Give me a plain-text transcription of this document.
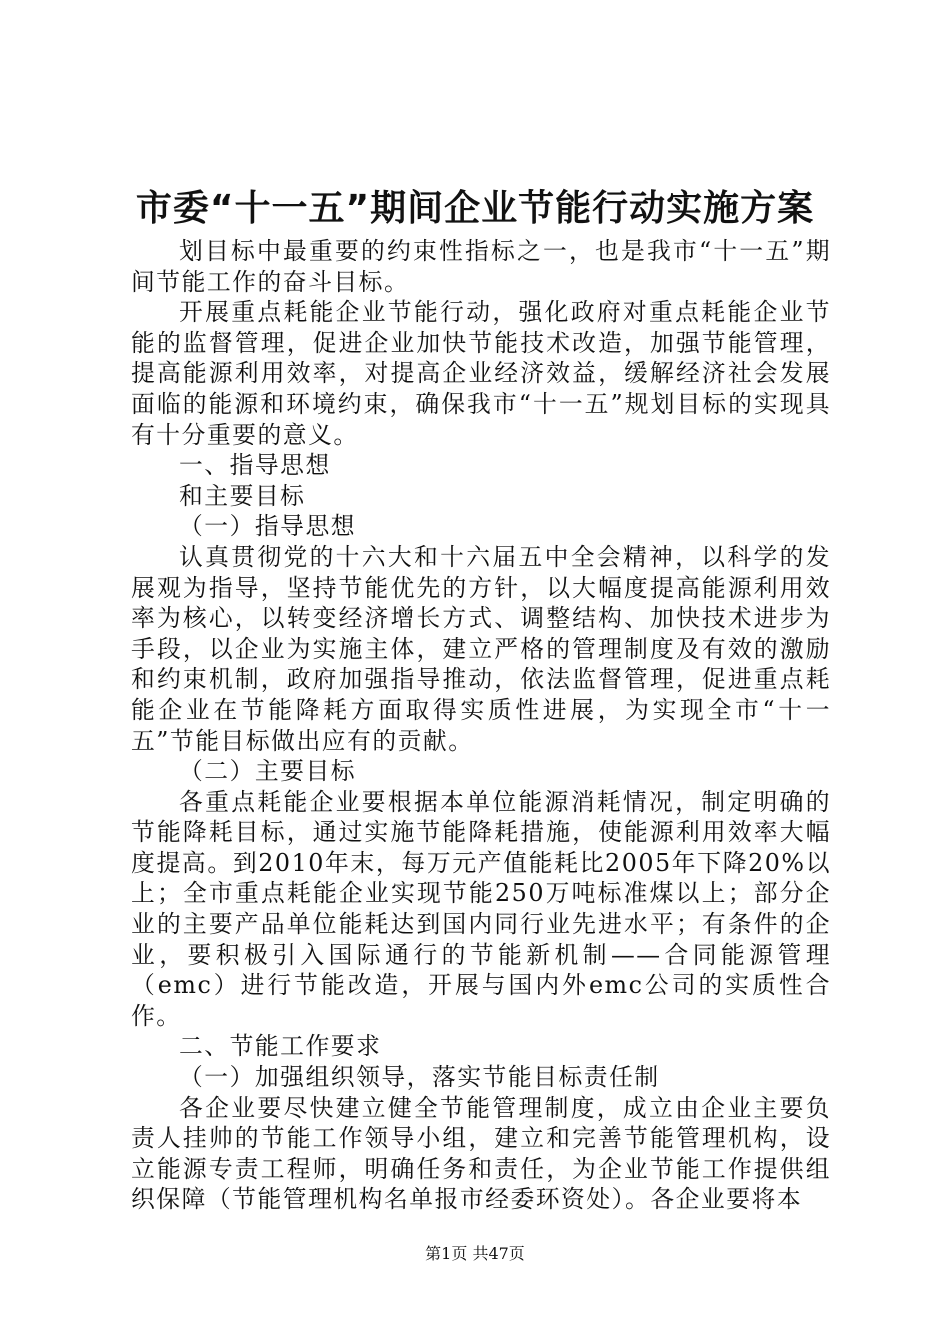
市委“十一五”期间企业节能行动实施方案

划目标中最重要的约束性指标之一，也是我市“十一五”期间节能工作的奋斗目标。

开展重点耗能企业节能行动，强化政府对重点耗能企业节能的监督管理，促进企业加快节能技术改造，加强节能管理，提高能源利用效率，对提高企业经济效益，缓解经济社会发展面临的能源和环境约束，确保我市“十一五”规划目标的实现具有十分重要的意义。

一、指导思想

和主要目标

（一）指导思想

认真贯彻党的十六大和十六届五中全会精神，以科学的发展观为指导，坚持节能优先的方针，以大幅度提高能源利用效率为核心，以转变经济增长方式、调整结构、加快技术进步为手段，以企业为实施主体，建立严格的管理制度及有效的激励和约束机制，政府加强指导推动，依法监督管理，促进重点耗能企业在节能降耗方面取得实质性进展，为实现全市“十一五”节能目标做出应有的贡献。

（二）主要目标

各重点耗能企业要根据本单位能源消耗情况，制定明确的节能降耗目标，通过实施节能降耗措施，使能源利用效率大幅度提高。到2010年末，每万元产值能耗比2005年下降20%以上；全市重点耗能企业实现节能250万吨标准煤以上；部分企业的主要产品单位能耗达到国内同行业先进水平；有条件的企业，要积极引入国际通行的节能新机制——合同能源管理（emc）进行节能改造，开展与国内外emc公司的实质性合作。

二、节能工作要求

（一）加强组织领导，落实节能目标责任制

各企业要尽快建立健全节能管理制度，成立由企业主要负责人挂帅的节能工作领导小组，建立和完善节能管理机构，设立能源专责工程师，明确任务和责任，为企业节能工作提供组织保障（节能管理机构名单报市经委环资处）。各企业要将本

第1页 共47页
